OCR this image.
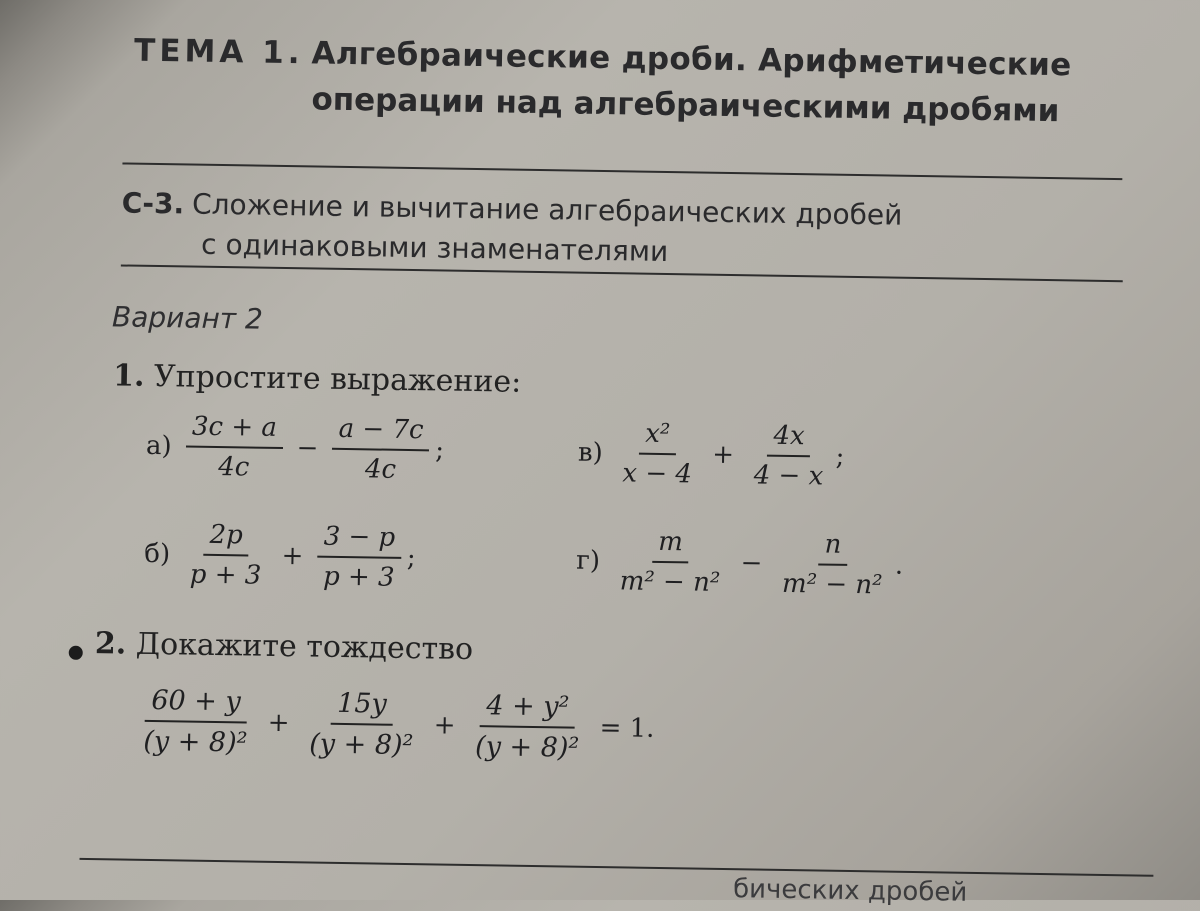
ТЕМА 1. Алгебраические дроби. Арифметические
операции над алгебраическими дробями
С-3. Сложение и вычитание алгебраических дробей
с одинаковыми знаменателями
Вариант 2
1. Упростите выражение:
$а) \frac{3c + a}{4c} - \frac{a - 7c}{4c}$ ;	$в) \frac{\text{x²}}{x - 4} + \frac{4x}{4 - x}$ ;
$б) \frac{2p}{p + 3} + \frac{3 - p}{p + 3}$ ;	$г) \frac{m}{\text{m² − n²}} - \frac{n}{\text{m² − n²}}$ .
2. Докажите тождество
$\frac{60 + y}{\text{(y + 8)²}} + \frac{15y}{\text{(y + 8)²}} + \frac{\text{4 + y²}}{\text{(y + 8)²}} = 1$.
бических дробей
